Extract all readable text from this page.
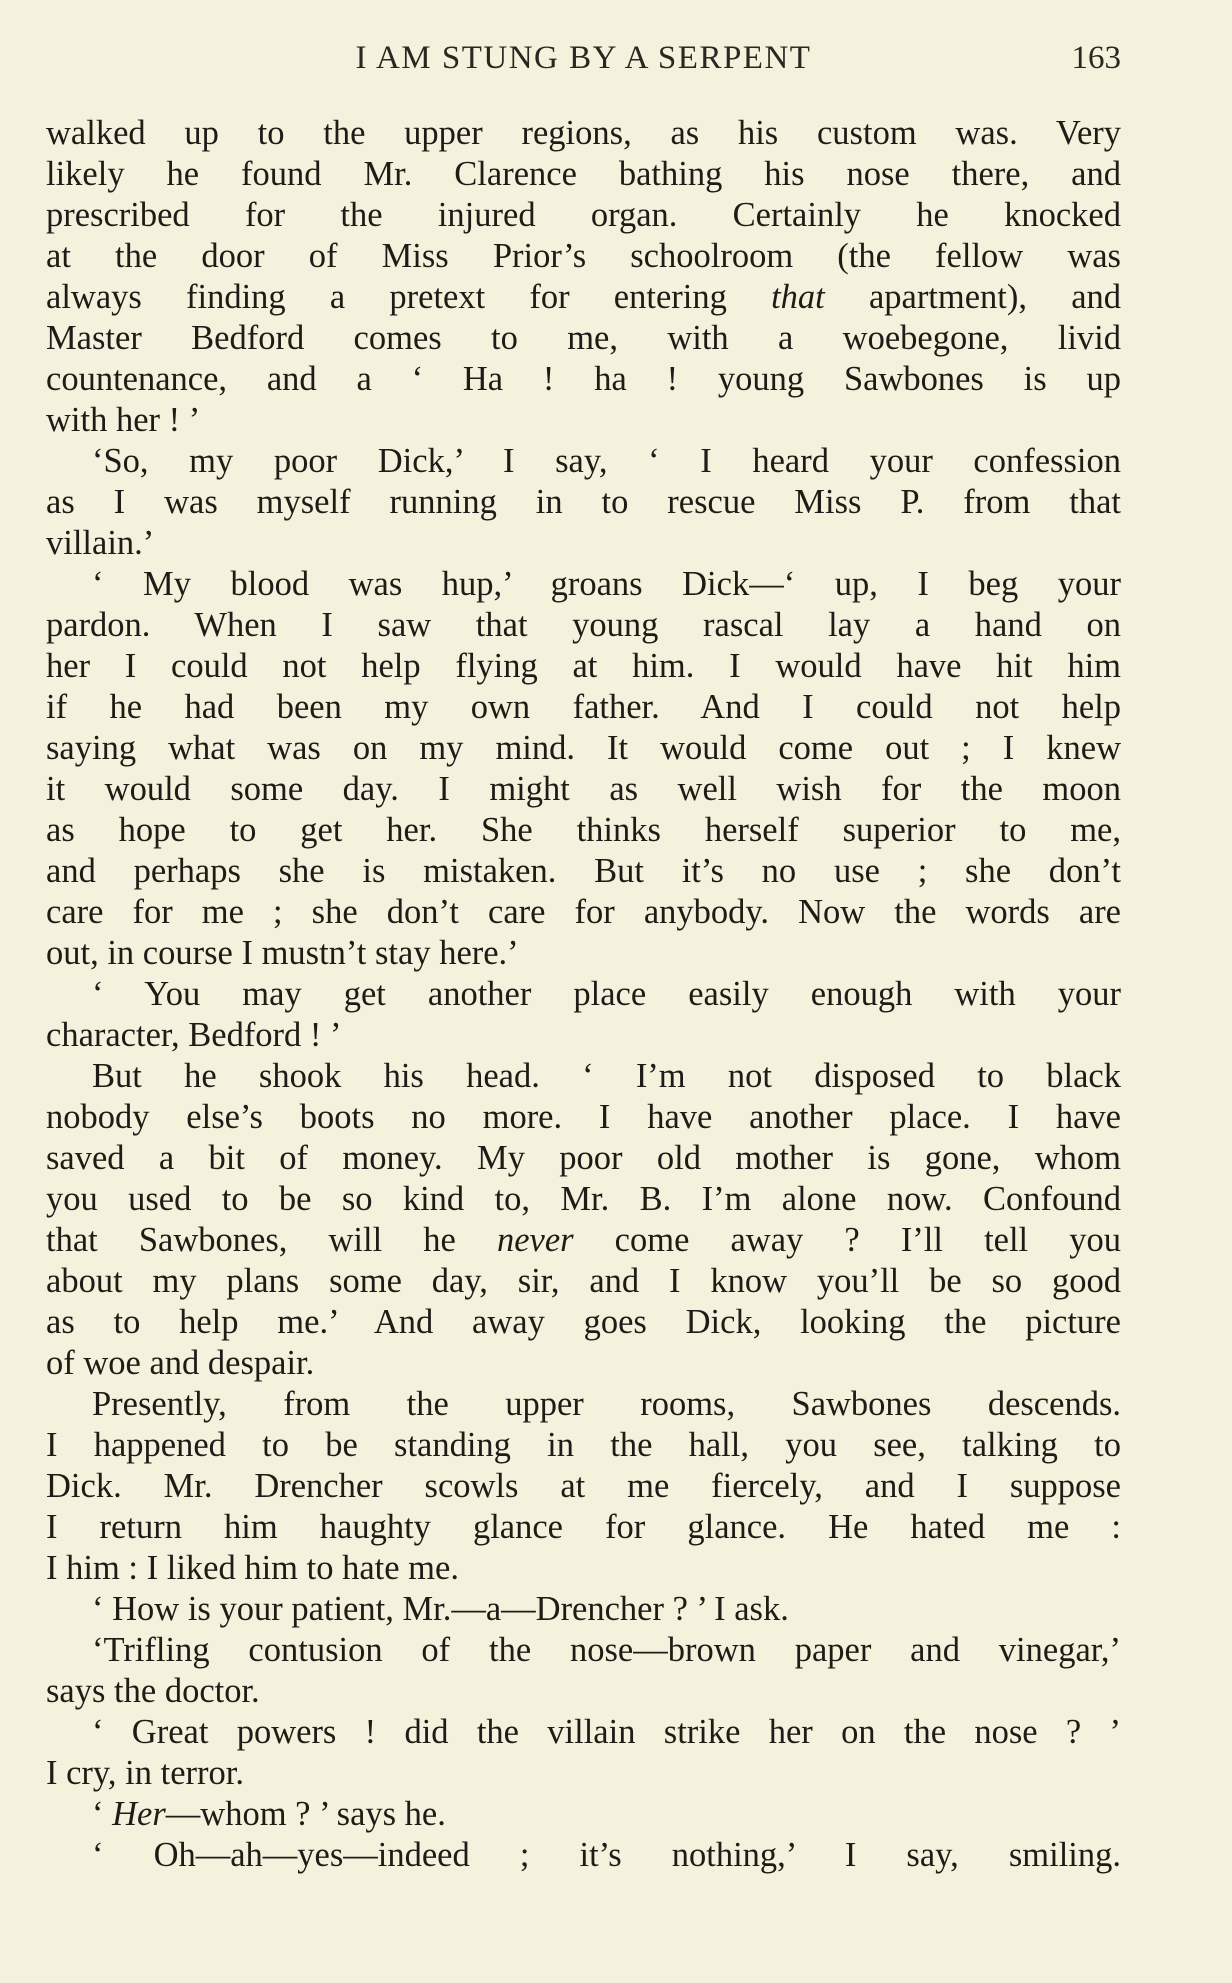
I AM STUNG BY A SERPENT	163
walked up to the upper regions, as his custom was. Very
likely he found Mr. Clarence bathing his nose there, and
prescribed for the injured organ. Certainly he knocked
at the door of Miss Prior’s schoolroom (the fellow was
always finding a pretext for entering that apartment), and
Master Bedford comes to me, with a woebegone, livid
countenance, and a ‘ Ha ! ha ! young Sawbones is up
with her ! ’
‘So, my poor Dick,’ I say, ‘ I heard your confession
as I was myself running in to rescue Miss P. from that
villain.’
‘ My blood was hup,’ groans Dick—‘ up, I beg your
pardon. When I saw that young rascal lay a hand on
her I could not help flying at him. I would have hit him
if he had been my own father. And I could not help
saying what was on my mind. It would come out ; I knew
it would some day. I might as well wish for the moon
as hope to get her. She thinks herself superior to me,
and perhaps she is mistaken. But it’s no use ; she don’t
care for me ; she don’t care for anybody. Now the words are
out, in course I mustn’t stay here.’
‘ You may get another place easily enough with your
character, Bedford ! ’
But he shook his head. ‘ I’m not disposed to black
nobody else’s boots no more. I have another place. I have
saved a bit of money. My poor old mother is gone, whom
you used to be so kind to, Mr. B. I’m alone now. Confound
that Sawbones, will he never come away ? I’ll tell you
about my plans some day, sir, and I know you’ll be so good
as to help me.’ And away goes Dick, looking the picture
of woe and despair.
Presently, from the upper rooms, Sawbones descends.
I happened to be standing in the hall, you see, talking to
Dick. Mr. Drencher scowls at me fiercely, and I suppose
I return him haughty glance for glance. He hated me :
I him : I liked him to hate me.
‘ How is your patient, Mr.—a—Drencher ? ’ I ask.
‘Trifling contusion of the nose—brown paper and vinegar,’
says the doctor.
‘ Great powers ! did the villain strike her on the nose ? ’
I cry, in terror.
‘ Her—whom ? ’ says he.
‘ Oh—ah—yes—indeed ; it’s nothing,’ I say, smiling.
